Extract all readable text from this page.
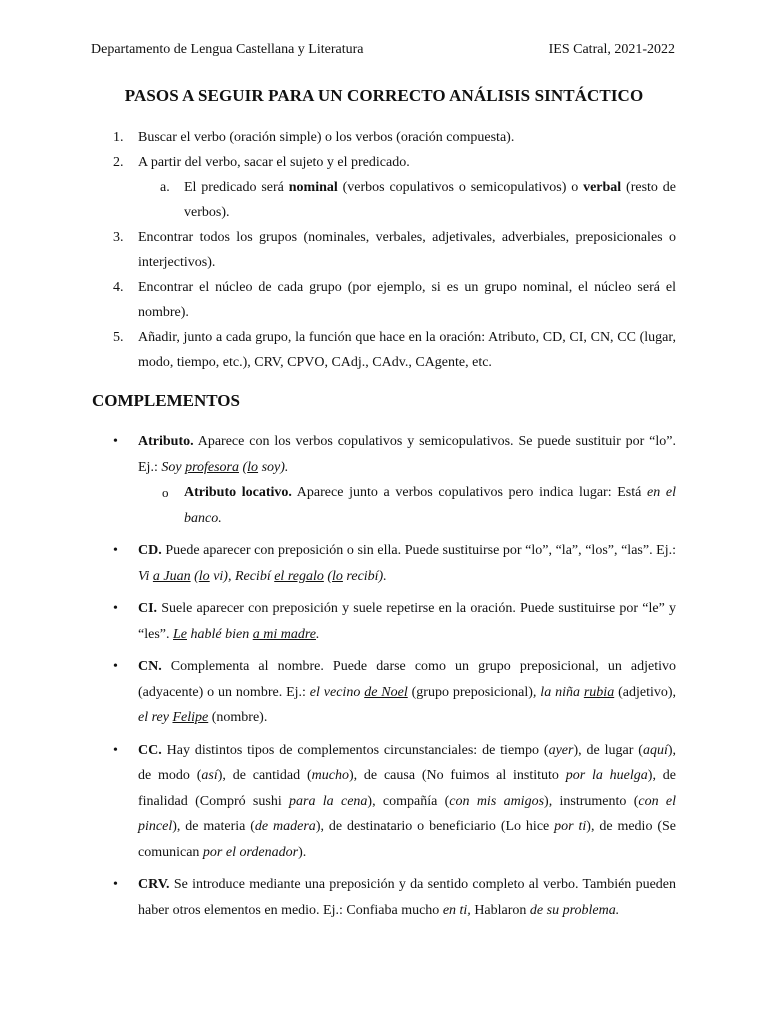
Departamento de Lengua Castellana y Literatura	IES Catral, 2021-2022
PASOS A SEGUIR PARA UN CORRECTO ANÁLISIS SINTÁCTICO
1. Buscar el verbo (oración simple) o los verbos (oración compuesta).
2. A partir del verbo, sacar el sujeto y el predicado.
a. El predicado será nominal (verbos copulativos o semicopulativos) o verbal (resto de verbos).
3. Encontrar todos los grupos (nominales, verbales, adjetivales, adverbiales, preposicionales o interjectivos).
4. Encontrar el núcleo de cada grupo (por ejemplo, si es un grupo nominal, el núcleo será el nombre).
5. Añadir, junto a cada grupo, la función que hace en la oración: Atributo, CD, CI, CN, CC (lugar, modo, tiempo, etc.), CRV, CPVO, CAdj., CAdv., CAgente, etc.
COMPLEMENTOS
• Atributo. Aparece con los verbos copulativos y semicopulativos. Se puede sustituir por “lo”. Ej.: Soy profesora (lo soy).
o Atributo locativo. Aparece junto a verbos copulativos pero indica lugar: Está en el banco.
• CD. Puede aparecer con preposición o sin ella. Puede sustituirse por “lo”, “la”, “los”, “las”. Ej.: Vi a Juan (lo vi), Recibí el regalo (lo recibí).
• CI. Suele aparecer con preposición y suele repetirse en la oración. Puede sustituirse por “le” y “les”. Le hablé bien a mi madre.
• CN. Complementa al nombre. Puede darse como un grupo preposicional, un adjetivo (adyacente) o un nombre. Ej.: el vecino de Noel (grupo preposicional), la niña rubia (adjetivo), el rey Felipe (nombre).
• CC. Hay distintos tipos de complementos circunstanciales: de tiempo (ayer), de lugar (aquí), de modo (así), de cantidad (mucho), de causa (No fuimos al instituto por la huelga), de finalidad (Compró sushi para la cena), compañía (con mis amigos), instrumento (con el pincel), de materia (de madera), de destinatario o beneficiario (Lo hice por ti), de medio (Se comunican por el ordenador).
• CRV. Se introduce mediante una preposición y da sentido completo al verbo. También pueden haber otros elementos en medio. Ej.: Confiaba mucho en ti, Hablaron de su problema.
